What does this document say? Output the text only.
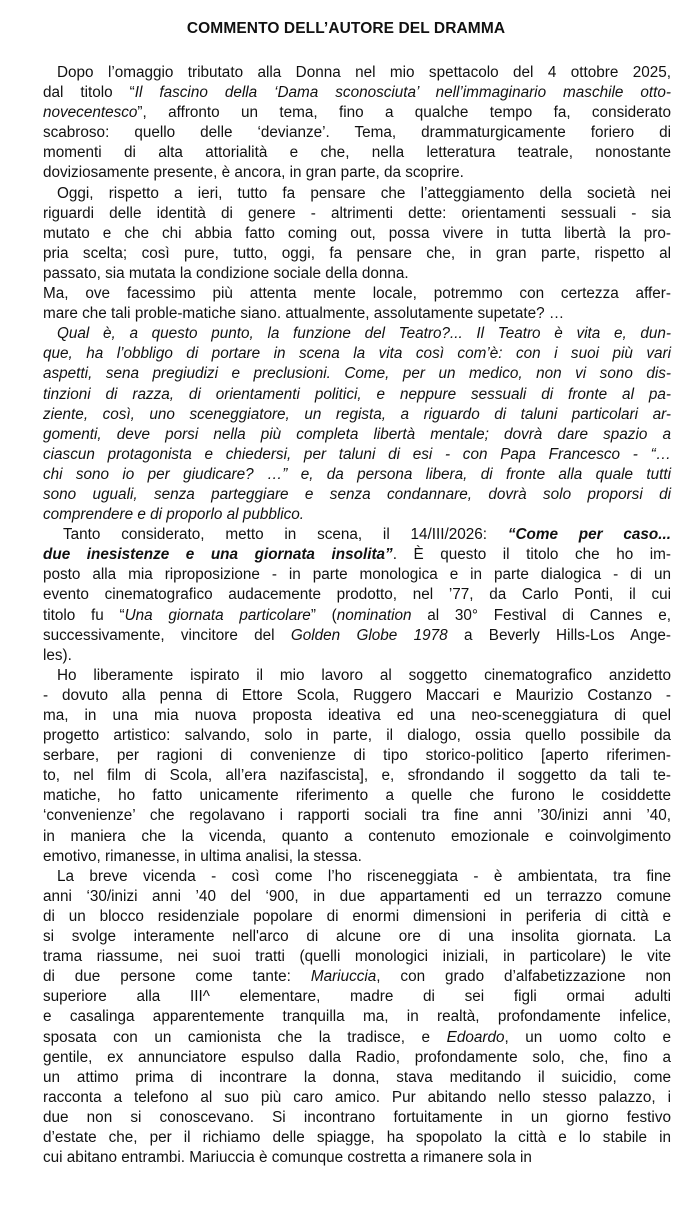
COMMENTO DELL’AUTORE DEL DRAMMA
Dopo l’omaggio tributato alla Donna nel mio spettacolo del 4 ottobre 2025,
dal titolo “Il fascino della ‘Dama sconosciuta’ nell’immaginario maschile otto-
novecentesco”, affronto un tema, fino a qualche tempo fa, considerato
scabroso: quello delle ‘devianze’. Tema, drammaturgicamente foriero di
momenti di alta attorialità e che, nella letteratura teatrale, nonostante
doviziosamente presente, è ancora, in gran parte, da scoprire.
Oggi, rispetto a ieri, tutto fa pensare che l’atteggiamento della società nei
riguardi delle identità di genere - altrimenti dette: orientamenti sessuali - sia
mutato e che chi abbia fatto coming out, possa vivere in tutta libertà la pro-
pria scelta; così pure, tutto, oggi, fa pensare che, in gran parte, rispetto al
passato, sia mutata la condizione sociale della donna.
Ma, ove facessimo più attenta mente locale, potremmo con certezza affer-
mare che tali proble-matiche siano. attualmente, assolutamente supetate? …
Qual è, a questo punto, la funzione del Teatro?... Il Teatro è vita e, dun-
que, ha l’obbligo di portare in scena la vita così com’è: con i suoi più vari
aspetti, sena pregiudizi e preclusioni. Come, per un medico, non vi sono dis-
tinzioni di razza, di orientamenti politici, e neppure sessuali di fronte al pa-
ziente, così, uno sceneggiatore, un regista, a riguardo di taluni particolari ar-
gomenti, deve porsi nella più completa libertà mentale; dovrà dare spazio a
ciascun protagonista e chiedersi, per taluni di esi - con Papa Francesco - “…
chi sono io per giudicare? …” e, da persona libera, di fronte alla quale tutti
sono uguali, senza parteggiare e senza condannare, dovrà solo proporsi di
comprendere e di proporlo al pubblico.
Tanto considerato, metto in scena, il 14/III/2026: “Come per caso...
due inesistenze e una giornata insolita”. È questo il titolo che ho im-
posto alla mia riproposizione - in parte monologica e in parte dialogica - di un
evento cinematografico audacemente prodotto, nel ’77, da Carlo Ponti, il cui
titolo fu “Una giornata particolare” (nomination al 30° Festival di Cannes e,
successivamente, vincitore del Golden Globe 1978 a Beverly Hills-Los Ange-
les).
Ho liberamente ispirato il mio lavoro al soggetto cinematografico anzidetto
- dovuto alla penna di Ettore Scola, Ruggero Maccari e Maurizio Costanzo -
ma, in una mia nuova proposta ideativa ed una neo-sceneggiatura di quel
progetto artistico: salvando, solo in parte, il dialogo, ossia quello possibile da
serbare, per ragioni di convenienze di tipo storico-politico [aperto riferimen-
to, nel film di Scola, all’era nazifascista], e, sfrondando il soggetto da tali te-
matiche, ho fatto unicamente riferimento a quelle che furono le cosiddette
‘convenienze’ che regolavano i rapporti sociali tra fine anni ’30/inizi anni ’40,
in maniera che la vicenda, quanto a contenuto emozionale e coinvolgimento
emotivo, rimanesse, in ultima analisi, la stessa.
La breve vicenda - così come l’ho risceneggiata - è ambientata, tra fine
anni ‘30/inizi anni ’40 del ‘900, in due appartamenti ed un terrazzo comune
di un blocco residenziale popolare di enormi dimensioni in periferia di città e
si svolge interamente nell'arco di alcune ore di una insolita giornata. La
trama riassume, nei suoi tratti (quelli monologici iniziali, in particolare) le vite
di due persone come tante: Mariuccia, con grado d’alfabetizzazione non
superiore alla III^ elementare, madre di sei figli ormai adulti
e casalinga apparentemente tranquilla ma, in realtà, profondamente infelice,
sposata con un camionista che la tradisce, e Edoardo, un uomo colto e
gentile, ex annunciatore espulso dalla Radio, profondamente solo, che, fino a
un attimo prima di incontrare la donna, stava meditando il suicidio, come
racconta a telefono al suo più caro amico. Pur abitando nello stesso palazzo, i
due non si conoscevano. Si incontrano fortuitamente in un giorno festivo
d’estate che, per il richiamo delle spiagge, ha spopolato la città e lo stabile in
cui abitano entrambi. Mariuccia è comunque costretta a rimanere sola in
